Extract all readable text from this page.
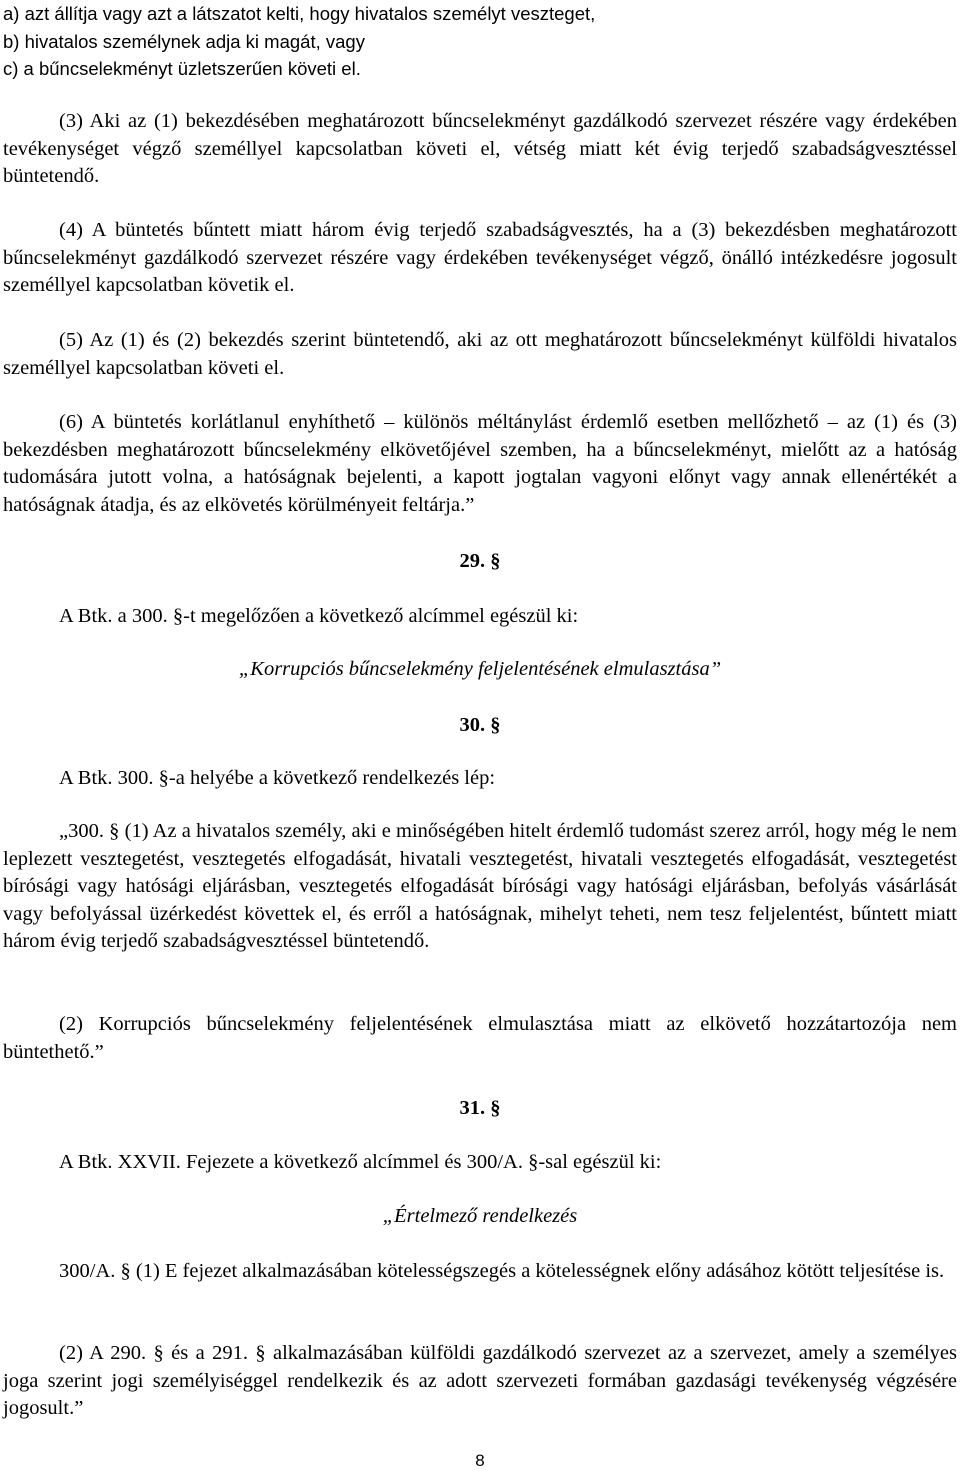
a) azt állítja vagy azt a látszatot kelti, hogy hivatalos személyt veszteget,
b) hivatalos személynek adja ki magát, vagy
c) a bűncselekményt üzletszerűen követi el.
(3) Aki az (1) bekezdésében meghatározott bűncselekményt gazdálkodó szervezet részére vagy érdekében tevékenységet végző személlyel kapcsolatban követi el, vétség miatt két évig terjedő szabadságvesztéssel büntetendő.
(4) A büntetés bűntett miatt három évig terjedő szabadságvesztés, ha a (3) bekezdésben meghatározott bűncselekményt gazdálkodó szervezet részére vagy érdekében tevékenységet végző, önálló intézkedésre jogosult személlyel kapcsolatban követik el.
(5) Az (1) és (2) bekezdés szerint büntetendő, aki az ott meghatározott bűncselekményt külföldi hivatalos személlyel kapcsolatban követi el.
(6) A büntetés korlátlanul enyhíthető – különös méltánylást érdemlő esetben mellőzhető – az (1) és (3) bekezdésben meghatározott bűncselekmény elkövetőjével szemben, ha a bűncselekményt, mielőtt az a hatóság tudomására jutott volna, a hatóságnak bejelenti, a kapott jogtalan vagyoni előnyt vagy annak ellenértékét a hatóságnak átadja, és az elkövetés körülményeit feltárja.”
29. §
A Btk. a 300. §-t megelőzően a következő alcímmel egészül ki:
„Korrupciós bűncselekmény feljelentésének elmulasztása”
30. §
A Btk. 300. §-a helyébe a következő rendelkezés lép:
„300. § (1) Az a hivatalos személy, aki e minőségében hitelt érdemlő tudomást szerez arról, hogy még le nem leplezett vesztegetést, vesztegetés elfogadását, hivatali vesztegetést, hivatali vesztegetés elfogadását, vesztegetést bírósági vagy hatósági eljárásban, vesztegetés elfogadását bírósági vagy hatósági eljárásban, befolyás vásárlását vagy befolyással üzérkedést követtek el, és erről a hatóságnak, mihelyt teheti, nem tesz feljelentést, bűntett miatt három évig terjedő szabadságvesztéssel büntetendő.
(2) Korrupciós bűncselekmény feljelentésének elmulasztása miatt az elkövető hozzátartozója nem büntethető.”
31. §
A Btk. XXVII. Fejezete a következő alcímmel és 300/A. §-sal egészül ki:
„Értelmező rendelkezés
300/A. § (1) E fejezet alkalmazásában kötelességszegés a kötelességnek előny adásához kötött teljesítése is.
(2) A 290. § és a 291. § alkalmazásában külföldi gazdálkodó szervezet az a szervezet, amely a személyes joga szerint jogi személyiséggel rendelkezik és az adott szervezeti formában gazdasági tevékenység végzésére jogosult.”
8
